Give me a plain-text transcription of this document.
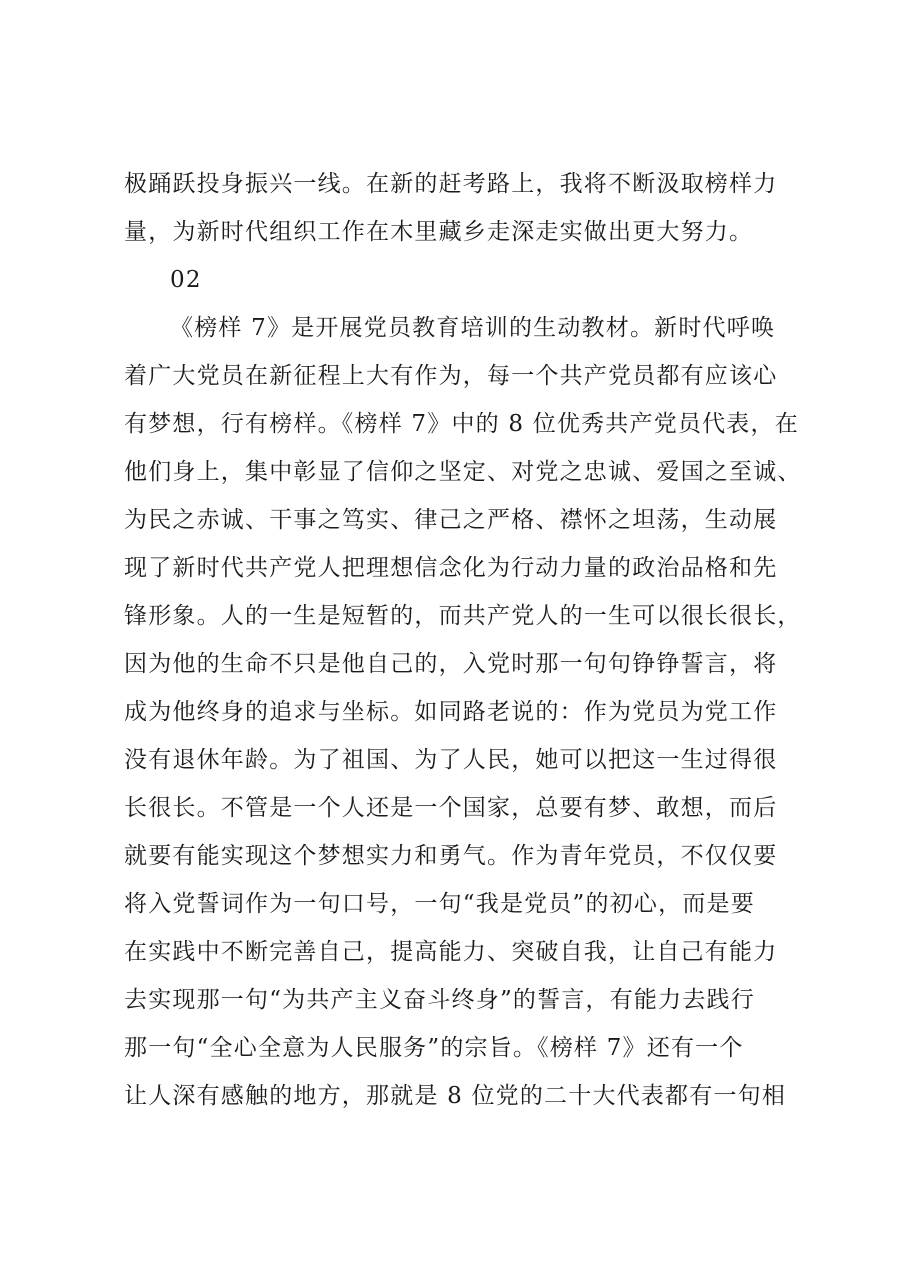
极踊跃投身振兴一线。在新的赶考路上，我将不断汲取榜样力
量，为新时代组织工作在木里藏乡走深走实做出更大努力。
02
《榜样 7》是开展党员教育培训的生动教材。新时代呼唤
着广大党员在新征程上大有作为，每一个共产党员都有应该心
有梦想，行有榜样。《榜样 7》中的 8 位优秀共产党员代表，在
他们身上，集中彰显了信仰之坚定、对党之忠诚、爱国之至诚、
为民之赤诚、干事之笃实、律己之严格、襟怀之坦荡，生动展
现了新时代共产党人把理想信念化为行动力量的政治品格和先
锋形象。人的一生是短暂的，而共产党人的一生可以很长很长，
因为他的生命不只是他自己的，入党时那一句句铮铮誓言，将
成为他终身的追求与坐标。如同路老说的：作为党员为党工作
没有退休年龄。为了祖国、为了人民，她可以把这一生过得很
长很长。不管是一个人还是一个国家，总要有梦、敢想，而后
就要有能实现这个梦想实力和勇气。作为青年党员，不仅仅要
将入党誓词作为一句口号，一句“我是党员”的初心，而是要
在实践中不断完善自己，提高能力、突破自我，让自己有能力
去实现那一句“为共产主义奋斗终身”的誓言，有能力去践行
那一句“全心全意为人民服务”的宗旨。《榜样 7》还有一个
让人深有感触的地方，那就是 8 位党的二十大代表都有一句相
